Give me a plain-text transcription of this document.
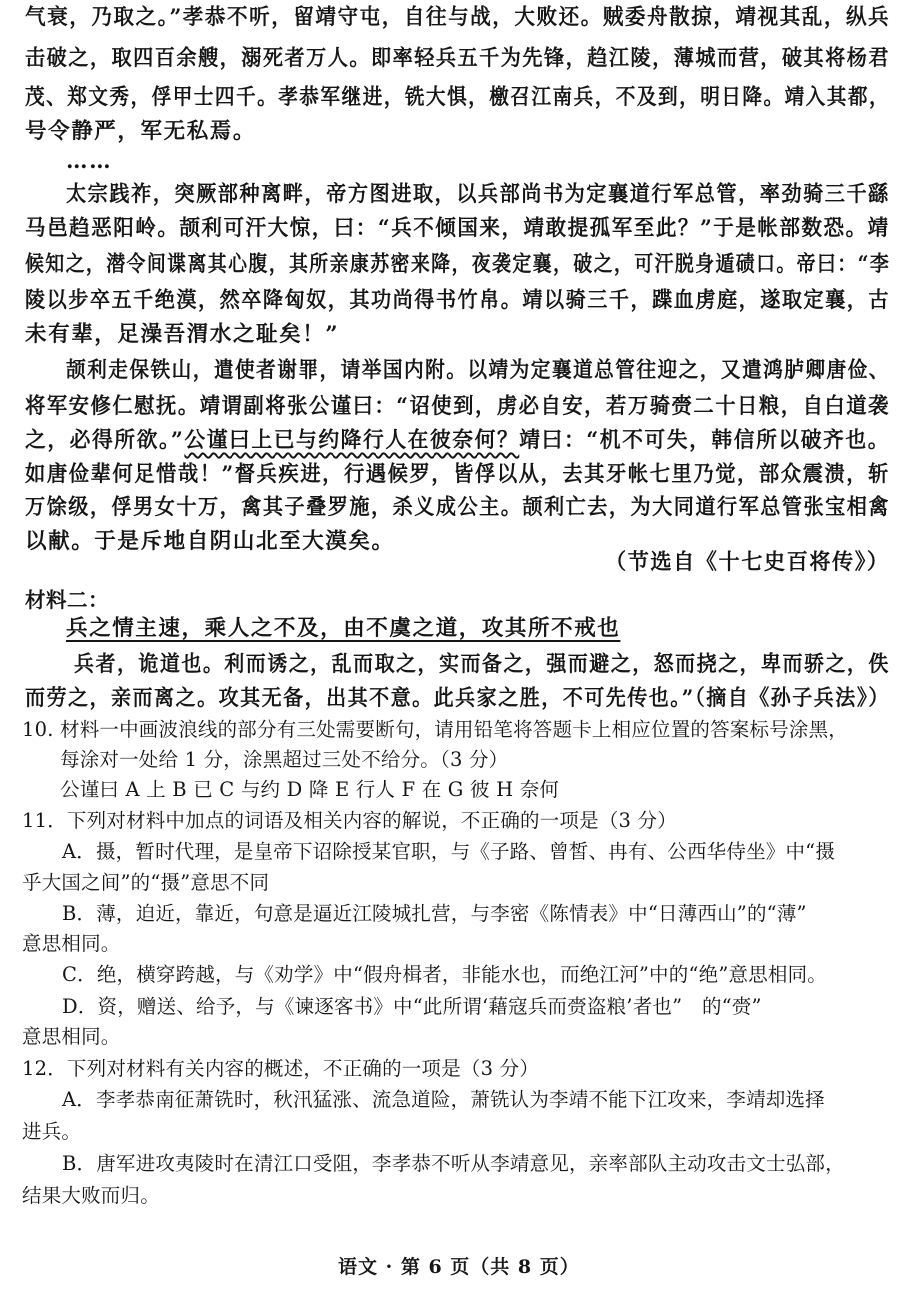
气衰，乃取之。”孝恭不听，留靖守屯，自往与战，大败还。贼委舟散掠，靖视其乱，纵兵
击破之，取四百余艘，溺死者万人。即率轻兵五千为先锋，趋江陵，薄城而营，破其将杨君
茂、郑文秀，俘甲士四千。孝恭军继进，铣大惧，檄召江南兵，不及到，明日降。靖入其都，
号令静严，军无私焉。
……
太宗践祚，突厥部种离畔，帝方图进取，以兵部尚书为定襄道行军总管，率劲骑三千繇
马邑趋恶阳岭。颉利可汗大惊，曰：“兵不倾国来，靖敢提孤军至此？”于是帐部数恐。靖
候知之，潜令间谍离其心腹，其所亲康苏密来降，夜袭定襄，破之，可汗脱身遁碛口。帝曰：“李
陵以步卒五千绝漠，然卒降匈奴，其功尚得书竹帛。靖以骑三千，蹀血虏庭，遂取定襄，古
未有辈，足澡吾渭水之耻矣！”
颉利走保铁山，遣使者谢罪，请举国内附。以靖为定襄道总管往迎之，又遣鸿胪卿唐俭、
将军安修仁慰抚。靖谓副将张公谨曰：“诏使到，虏必自安，若万骑赍二十日粮，自白道袭
之，必得所欲。”公谨曰上已与约降行人在彼奈何？靖曰：“机不可失，韩信所以破齐也。
如唐俭辈何足惜哉！”督兵疾进，行遇候罗，皆俘以从，去其牙帐七里乃觉，部众震溃，斩
万馀级，俘男女十万，禽其子叠罗施，杀义成公主。颉利亡去，为大同道行军总管张宝相禽
以献。于是斥地自阴山北至大漠矣。
（节选自《十七史百将传》）
材料二：
兵之情主速，乘人之不及，由不虞之道，攻其所不戒也
兵者，诡道也。利而诱之，乱而取之，实而备之，强而避之，怒而挠之，卑而骄之，佚
而劳之，亲而离之。攻其无备，出其不意。此兵家之胜，不可先传也。”（摘自《孙子兵法》）
10. 材料一中画波浪线的部分有三处需要断句，请用铅笔将答题卡上相应位置的答案标号涂黑，
每涂对一处给 1 分，涂黑超过三处不给分。（3 分）
公谨曰 A 上 B 已 C 与约 D 降 E 行人 F 在 G 彼 H 奈何
11．下列对材料中加点的词语及相关内容的解说，不正确的一项是（3 分）
A．摄，暂时代理，是皇帝下诏除授某官职，与《子路、曾皙、冉有、公西华侍坐》中“摄
乎大国之间”的“摄”意思不同
B．薄，迫近，靠近，句意是逼近江陵城扎营，与李密《陈情表》中“日薄西山”的“薄”
意思相同。
C．绝，横穿跨越，与《劝学》中“假舟楫者，非能水也，而绝江河”中的“绝”意思相同。
D．资，赠送、给予，与《谏逐客书》中“此所谓‘藉寇兵而赍盗粮’者也”　的“赍”
意思相同。
12．下列对材料有关内容的概述，不正确的一项是（3 分）
A．李孝恭南征萧铣时，秋汛猛涨、流急道险，萧铣认为李靖不能下江攻来，李靖却选择
进兵。
B．唐军进攻夷陵时在清江口受阻，李孝恭不听从李靖意见，亲率部队主动攻击文士弘部，
结果大败而归。
语文 · 第 6 页（共 8 页）
